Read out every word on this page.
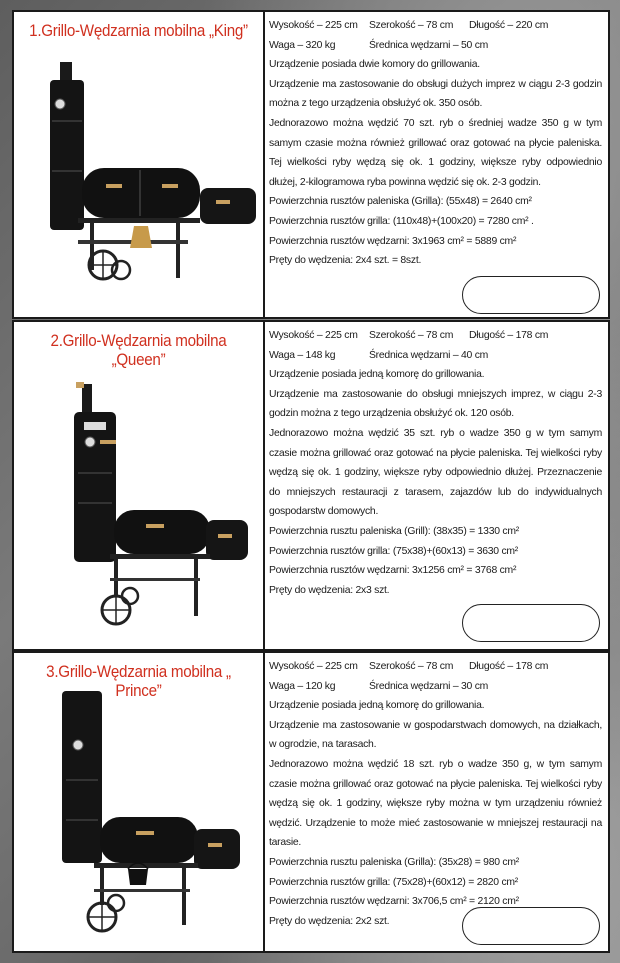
1.Grillo-Wędzarnia mobilna „King”	Wysokość – 225 cm	Szerokość – 78 cm	Długość – 220 cm
Waga – 320 kg	Średnica wędzarni – 50 cm
Urządzenie posiada dwie komory do grillowania.
Urządzenie ma zastosowanie do obsługi dużych imprez w ciągu 2-3 godzin można z tego urządzenia obsłużyć ok. 350 osób.
Jednorazowo można wędzić 70 szt. ryb o średniej wadze 350 g w tym samym czasie można również grillować oraz gotować na płycie paleniska. Tej wielkości ryby wędzą się ok. 1 godziny, większe ryby odpowiednio dłużej, 2-kilogramowa ryba powinna wędzić się ok. 2-3 godzin.
Powierzchnia rusztów paleniska (Grilla): (55x48) = 2640 cm²
Powierzchnia rusztów grilla: (110x48)+(100x20) = 7280 cm² .
Powierzchnia rusztów wędzarni: 3x1963 cm² = 5889 cm²
Pręty do wędzenia: 2x4 szt. = 8szt.
2.Grillo-Wędzarnia mobilna „Queen”
Wysokość – 225 cm	Szerokość – 78 cm	Długość – 178 cm
Waga – 148 kg	Średnica wędzarni – 40 cm
Urządzenie posiada jedną komorę do grillowania.
Urządzenie ma zastosowanie do obsługi mniejszych imprez, w ciągu 2-3 godzin można z tego urządzenia obsłużyć ok. 120 osób.
Jednorazowo można wędzić 35 szt. ryb o wadze 350 g w tym samym czasie można grillować oraz gotować na płycie paleniska. Tej wielkości ryby wędzą się ok. 1 godziny, większe ryby odpowiednio dłużej. Przeznaczenie do mniejszych restauracji z tarasem, zajazdów lub do indywidualnych gospodarstw domowych.
Powierzchnia rusztu paleniska (Grill): (38x35) = 1330 cm²
Powierzchnia rusztów grilla: (75x38)+(60x13) = 3630 cm²
Powierzchnia rusztów wędzarni: 3x1256 cm² = 3768 cm²
Pręty do wędzenia: 2x3 szt.
3.Grillo-Wędzarnia mobilna „ Prince”
Wysokość – 225 cm	Szerokość – 78 cm	Długość – 178 cm
Waga – 120 kg	Średnica wędzarni – 30 cm
Urządzenie posiada jedną komorę do grillowania.
Urządzenie ma zastosowanie w gospodarstwach domowych, na działkach, w ogrodzie, na tarasach.
Jednorazowo można wędzić 18 szt. ryb o wadze 350 g, w tym samym czasie można grillować oraz gotować na płycie paleniska. Tej wielkości ryby wędzą się ok. 1 godziny, większe ryby można w tym urządzeniu również wędzić. Urządzenie to może mieć zastosowanie w mniejszej restauracji na tarasie.
Powierzchnia rusztu paleniska (Grilla): (35x28) = 980 cm²
Powierzchnia rusztów grilla: (75x28)+(60x12) = 2820 cm²
Powierzchnia rusztów wędzarni: 3x706,5 cm² = 2120 cm²
Pręty do wędzenia: 2x2 szt.
